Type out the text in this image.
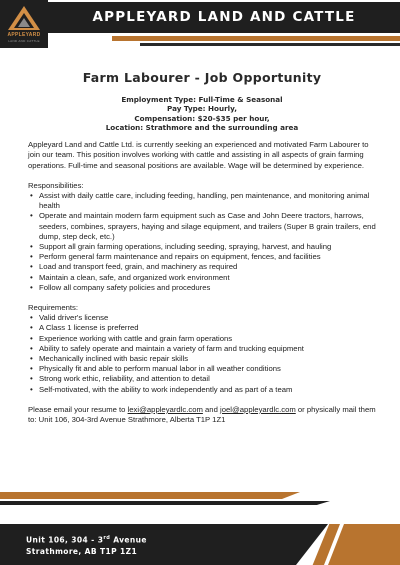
APPLEYARD
LAND AND CATTLE
APPLEYARD LAND AND CATTLE
Farm Labourer - Job Opportunity
Employment Type: Full-Time & Seasonal
Pay Type: Hourly,
Compensation: $20-$35 per hour,
Location: Strathmore and the surrounding area

Appleyard Land and Cattle Ltd. is currently seeking an experienced and motivated Farm Labourer to join our team. This position involves working with cattle and assisting in all aspects of grain farming operations. Full-time and seasonal positions are available. Wage will be determined by experience.

Responsibilities:
• Assist with daily cattle care, including feeding, handling, pen maintenance, and monitoring animal health
• Operate and maintain modern farm equipment such as Case and John Deere tractors, harrows, seeders, combines, sprayers, haying and silage equipment, and trailers (Super B grain trailers, end dump, step deck, etc.)
• Support all grain farming operations, including seeding, spraying, harvest, and hauling
• Perform general farm maintenance and repairs on equipment, fences, and facilities
• Load and transport feed, grain, and machinery as required
• Maintain a clean, safe, and organized work environment
• Follow all company safety policies and procedures
Requirements:
• Valid driver's license
• A Class 1 license is preferred
• Experience working with cattle and grain farm operations
• Ability to safely operate and maintain a variety of farm and trucking equipment
• Mechanically inclined with basic repair skills
• Physically fit and able to perform manual labor in all weather conditions
• Strong work ethic, reliability, and attention to detail
• Self-motivated, with the ability to work independently and as part of a team
Please email your resume to lexi@appleyardlc.com and joel@appleyardlc.com or physically mail them to: Unit 106, 304-3rd Avenue Strathmore, Alberta T1P 1Z1
Unit 106, 304 - 3rd Avenue
Strathmore, AB T1P 1Z1
